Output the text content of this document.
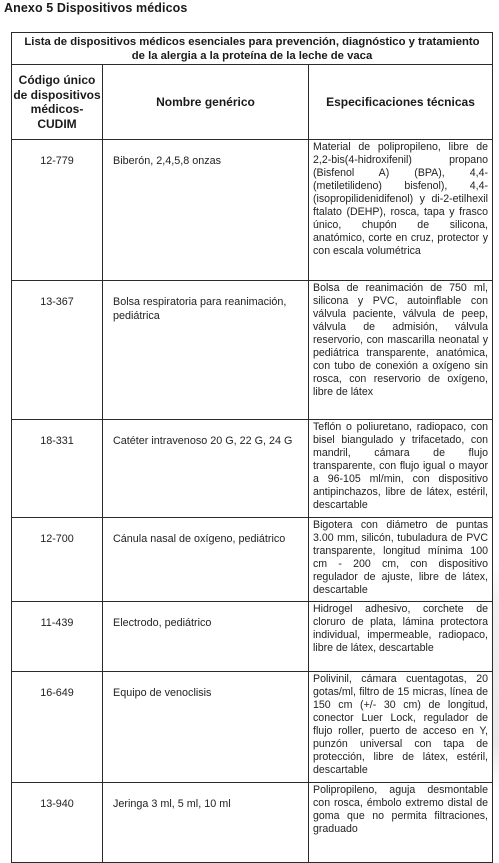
Anexo 5 Dispositivos médicos
Lista de dispositivos médicos esenciales para prevención, diagnóstico y tratamiento de la alergia a la proteína de la leche de vaca		
Código único de dispositivos médicos-CUDIM	Nombre genérico	Especificaciones técnicas
12-779	Biberón, 2,4,5,8 onzas	Material de polipropileno, libre de 2,2-bis(4-hidroxifenil) propano (Bisfenol A) (BPA), 4,4-(metiletilideno) bisfenol), 4,4-(isopropilidenidifenol) y di-2-etilhexil ftalato (DEHP), rosca, tapa y frasco único, chupón de silicona, anatómico, corte en cruz, protector y con escala volumétrica
13-367	Bolsa respiratoria para reanimación, pediátrica	Bolsa de reanimación de 750 ml, silicona y PVC, autoinflable con válvula paciente, válvula de peep, válvula de admisión, válvula reservorio, con mascarilla neonatal y pediátrica transparente, anatómica, con tubo de conexión a oxígeno sin rosca, con reservorio de oxígeno, libre de látex
18-331	Catéter intravenoso 20 G, 22 G, 24 G	Teflón o poliuretano, radiopaco, con bisel biangulado y trifacetado, con mandril, cámara de flujo transparente, con flujo igual o mayor a 96-105 ml/min, con dispositivo antipinchazos, libre de látex, estéril, descartable
12-700	Cánula nasal de oxígeno, pediátrico	Bigotera con diámetro de puntas 3.00 mm, silicón, tubuladura de PVC transparente, longitud mínima 100 cm - 200 cm, con dispositivo regulador de ajuste, libre de látex, descartable
11-439	Electrodo, pediátrico	Hidrogel adhesivo, corchete de cloruro de plata, lámina protectora individual, impermeable, radiopaco, libre de látex, descartable
16-649	Equipo de venoclisis	Polivinil, cámara cuentagotas, 20 gotas/ml, filtro de 15 micras, línea de 150 cm (+/- 30 cm) de longitud, conector Luer Lock, regulador de flujo roller, puerto de acceso en Y, punzón universal con tapa de protección, libre de látex, estéril, descartable
13-940	Jeringa 3 ml, 5 ml, 10 ml	Polipropileno, aguja desmontable con rosca, émbolo extremo distal de goma que no permita filtraciones, graduado
